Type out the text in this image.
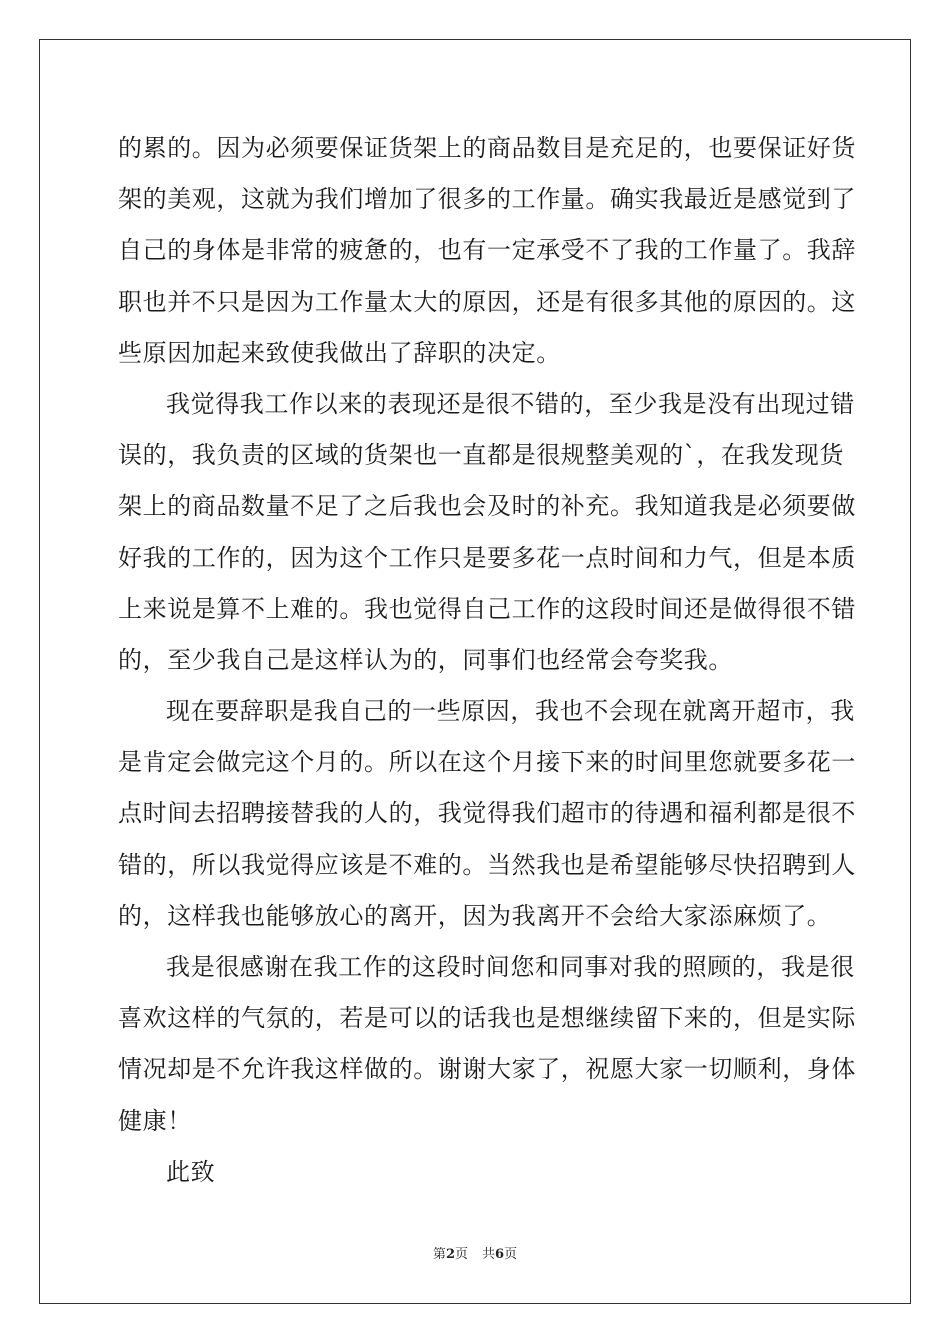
的累的。因为必须要保证货架上的商品数目是充足的，也要保证好货
架的美观，这就为我们增加了很多的工作量。确实我最近是感觉到了
自己的身体是非常的疲惫的，也有一定承受不了我的工作量了。我辞
职也并不只是因为工作量太大的原因，还是有很多其他的原因的。这
些原因加起来致使我做出了辞职的决定。
我觉得我工作以来的表现还是很不错的，至少我是没有出现过错
误的，我负责的区域的货架也一直都是很规整美观的`，在我发现货
架上的商品数量不足了之后我也会及时的补充。我知道我是必须要做
好我的工作的，因为这个工作只是要多花一点时间和力气，但是本质
上来说是算不上难的。我也觉得自己工作的这段时间还是做得很不错
的，至少我自己是这样认为的，同事们也经常会夸奖我。
现在要辞职是我自己的一些原因，我也不会现在就离开超市，我
是肯定会做完这个月的。所以在这个月接下来的时间里您就要多花一
点时间去招聘接替我的人的，我觉得我们超市的待遇和福利都是很不
错的，所以我觉得应该是不难的。当然我也是希望能够尽快招聘到人
的，这样我也能够放心的离开，因为我离开不会给大家添麻烦了。
我是很感谢在我工作的这段时间您和同事对我的照顾的，我是很
喜欢这样的气氛的，若是可以的话我也是想继续留下来的，但是实际
情况却是不允许我这样做的。谢谢大家了，祝愿大家一切顺利，身体
健康！
此致
第2页 共6页
